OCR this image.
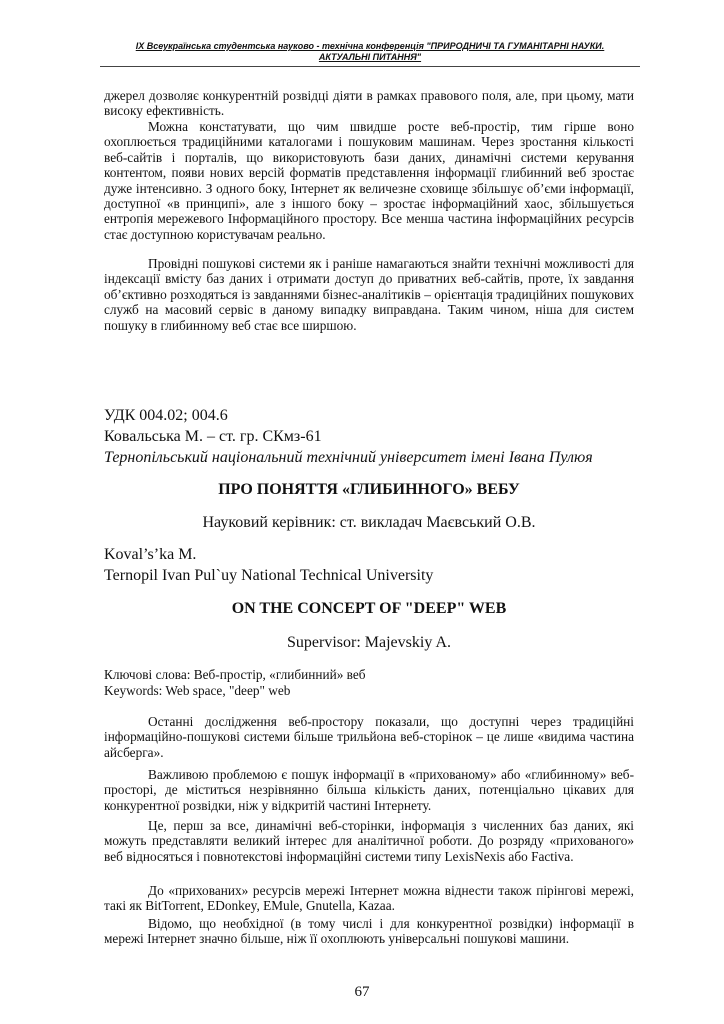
IX Всеукраїнська студентська науково - технічна конференція "ПРИРОДНИЧІ ТА ГУМАНІТАРНІ НАУКИ.
АКТУАЛЬНІ ПИТАННЯ"

джерел дозволяє конкурентній розвідці діяти в рамках правового поля, але, при цьому, мати високу ефективність.

Можна констатувати, що чим швидше росте веб-простір, тим гірше воно охоплюється традиційними каталогами і пошуковим машинам. Через зростання кількості веб-сайтів і порталів, що використовують бази даних, динамічні системи керування контентом, появи нових версій форматів представлення інформації глибинний веб зростає дуже інтенсивно. З одного боку, Інтернет як величезне сховище збільшує об’єми інформації, доступної «в принципі», але з іншого боку – зростає інформаційний хаос, збільшується ентропія мережевого Інформаційного простору. Все менша частина інформаційних ресурсів стає доступною користувачам реально.

Провідні пошукові системи як і раніше намагаються знайти технічні можливості для індексації вмісту баз даних і отримати доступ до приватних веб-сайтів, проте, їх завдання об’єктивно розходяться із завданнями бізнес-аналітиків – орієнтація традиційних пошукових служб на масовий сервіс в даному випадку виправдана. Таким чином, ніша для систем пошуку в глибинному веб стає все ширшою.

УДК 004.02; 004.6

Ковальська М. – ст. гр. СКмз-61

Тернопільський національний технічний університет імені Івана Пулюя

ПРО ПОНЯТТЯ «ГЛИБИННОГО» ВЕБУ

Науковий керівник: ст. викладач Маєвський О.В.

Koval’s’ka M.

Ternopil Ivan Pul`uy National Technical University

ON THE CONCEPT OF "DEEP" WEB

Supervisor: Majevskiy A.

Ключові слова: Веб-простір, «глибинний» веб

Keywords: Web space, "deep" web

Останні дослідження веб-простору показали, що доступні через традиційні інформаційно-пошукові системи більше трильйона веб-сторінок – це лише «видима частина айсберга».

Важливою проблемою є пошук інформації в «прихованому» або «глибинному» веб-просторі, де міститься незрівнянно більша кількість даних, потенціально цікавих для конкурентної розвідки, ніж у відкритій частині Інтернету.

Це, перш за все, динамічні веб-сторінки, інформація з численних баз даних, які можуть представляти великий інтерес для аналітичної роботи. До розряду «прихованого» веб відносяться і повнотекстові інформаційні системи типу LexisNexis або Factiva.

До «прихованих» ресурсів мережі Інтернет можна віднести також пірінгові мережі, такі як BitTorrent, EDonkey, EMule, Gnutella, Kazaa.

Відомо, що необхідної (в тому числі і для конкурентної розвідки) інформації в мережі Інтернет значно більше, ніж її охоплюють універсальні пошукові машини.

67
